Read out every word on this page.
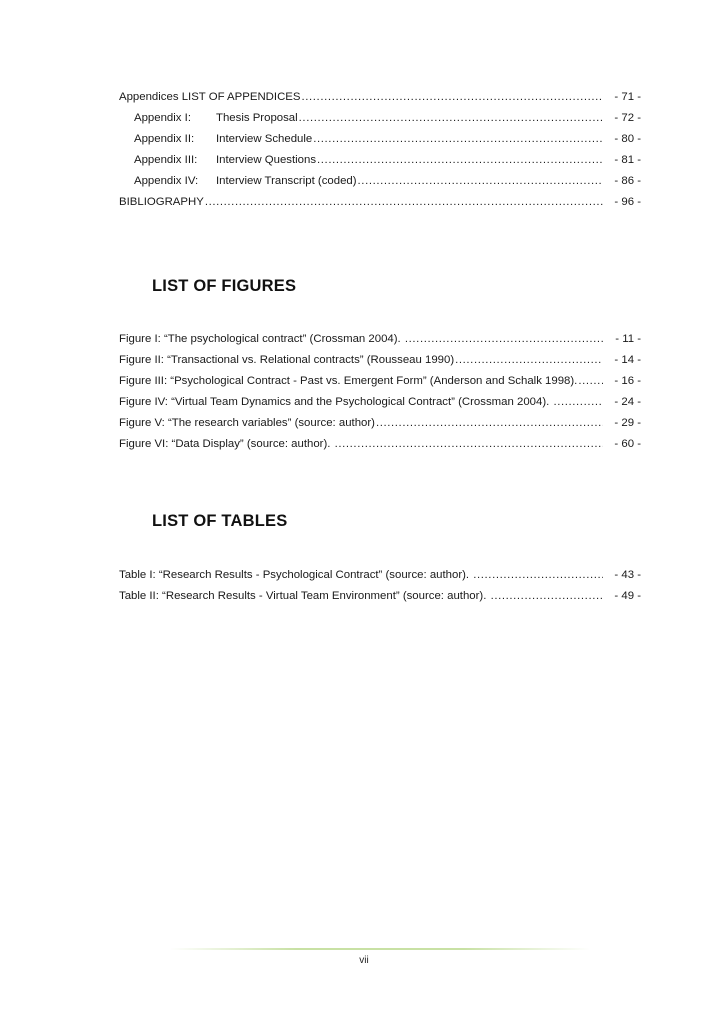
Appendices LIST OF APPENDICES .....	- 71 -
Appendix I: Thesis Proposal .....	- 72 -
Appendix II: Interview Schedule .....	- 80 -
Appendix III: Interview Questions .....	- 81 -
Appendix IV: Interview Transcript (coded) .....	- 86 -
BIBLIOGRAPHY .....	- 96 -
LIST OF FIGURES
Figure I: “The psychological contract” (Crossman 2004). .....	- 11 -
Figure II: “Transactional vs. Relational contracts” (Rousseau 1990) .....	- 14 -
Figure III: “Psychological Contract - Past vs. Emergent Form” (Anderson and Schalk 1998). .....	- 16 -
Figure IV: “Virtual Team Dynamics and the Psychological Contract” (Crossman 2004). .....	- 24 -
Figure V: “The research variables” (source: author) .....	- 29 -
Figure VI: “Data Display” (source: author). .....	- 60 -
LIST OF TABLES
Table I: “Research Results - Psychological Contract” (source: author). .....	- 43 -
Table II: “Research Results - Virtual Team Environment” (source: author). .....	- 49 -
vii
